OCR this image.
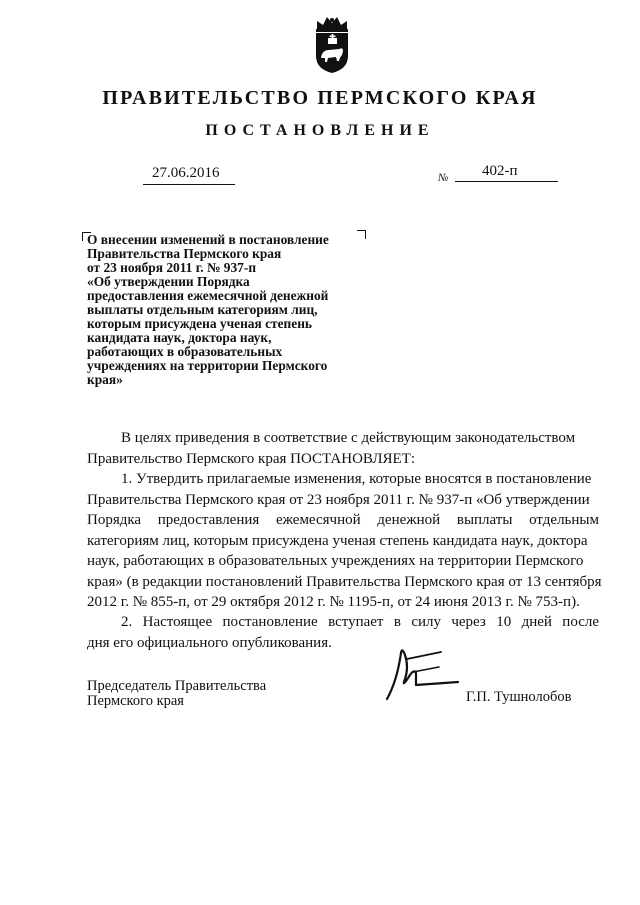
ПРАВИТЕЛЬСТВО ПЕРМСКОГО КРАЯ
ПОСТАНОВЛЕНИЕ
27.06.2016	№ 402-п
О внесении изменений в постановление
Правительства Пермского края
от 23 ноября 2011 г. № 937-п
«Об утверждении Порядка
предоставления ежемесячной денежной
выплаты отдельным категориям лиц,
которым присуждена ученая степень
кандидата наук, доктора наук,
работающих в образовательных
учреждениях на территории Пермского
края»
В целях приведения в соответствие с действующим законодательством
Правительство Пермского края ПОСТАНОВЛЯЕТ:
1. Утвердить прилагаемые изменения, которые вносятся в постановление
Правительства Пермского края от 23 ноября 2011 г. № 937-п «Об утверждении
Порядка предоставления ежемесячной денежной выплаты отдельным
категориям лиц, которым присуждена ученая степень кандидата наук, доктора
наук, работающих в образовательных учреждениях на территории Пермского
края» (в редакции постановлений Правительства Пермского края от 13 сентября
2012 г. № 855-п, от 29 октября 2012 г. № 1195-п, от 24 июня 2013 г. № 753-п).
2. Настоящее постановление вступает в силу через 10 дней после
дня его официального опубликования.
Председатель Правительства
Пермского края	Г.П. Тушнолобов
